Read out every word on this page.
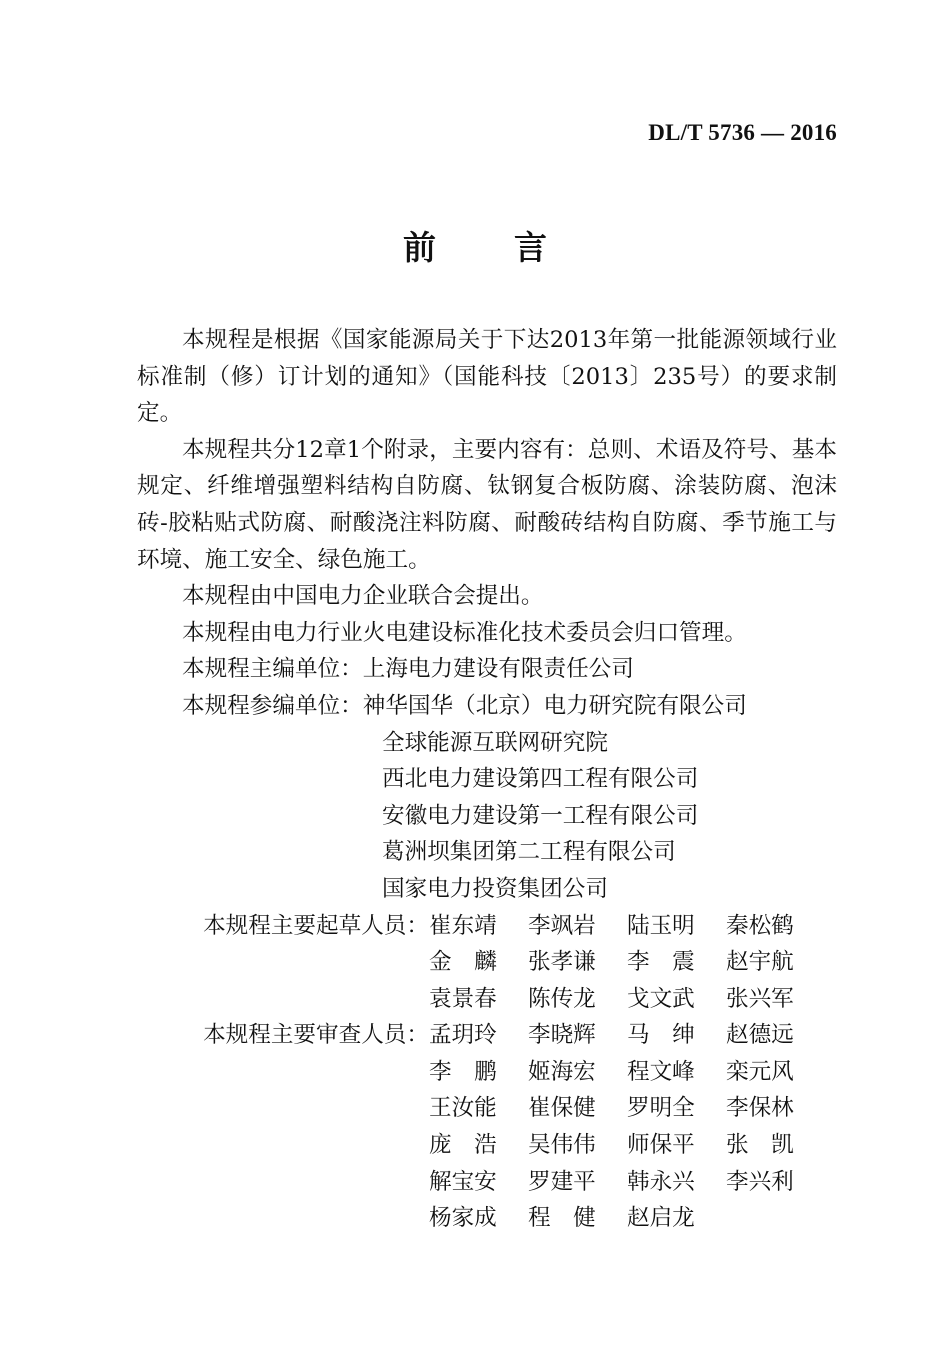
DL/T 5736 — 2016
前言

本规程是根据《国家能源局关于下达2013年第一批能源领域行业标准制（修）订计划的通知》（国能科技〔2013〕235号）的要求制定。

本规程共分12章1个附录，主要内容有：总则、术语及符号、基本规定、纤维增强塑料结构自防腐、钛钢复合板防腐、涂装防腐、泡沫砖-胶粘贴式防腐、耐酸浇注料防腐、耐酸砖结构自防腐、季节施工与环境、施工安全、绿色施工。

本规程由中国电力企业联合会提出。

本规程由电力行业火电建设标准化技术委员会归口管理。

本规程主编单位： 上海电力建设有限责任公司
本规程参编单位： 神华国华（北京）电力研究院有限公司
全球能源互联网研究院
西北电力建设第四工程有限公司
安徽电力建设第一工程有限公司
葛洲坝集团第二工程有限公司
国家电力投资集团公司
本规程主要起草人员： 崔东靖	李飒岩	陆玉明	秦松鹤
金　麟	张孝谦	李　震	赵宇航
袁景春	陈传龙	戈文武	张兴军
本规程主要审查人员： 孟玥玲	李晓辉	马　绅	赵德远
李　鹏	姬海宏	程文峰	栾元风
王汝能	崔保健	罗明全	李保林
庞　浩	吴伟伟	师保平	张　凯
解宝安	罗建平	韩永兴	李兴利
杨家成	程　健	赵启龙
